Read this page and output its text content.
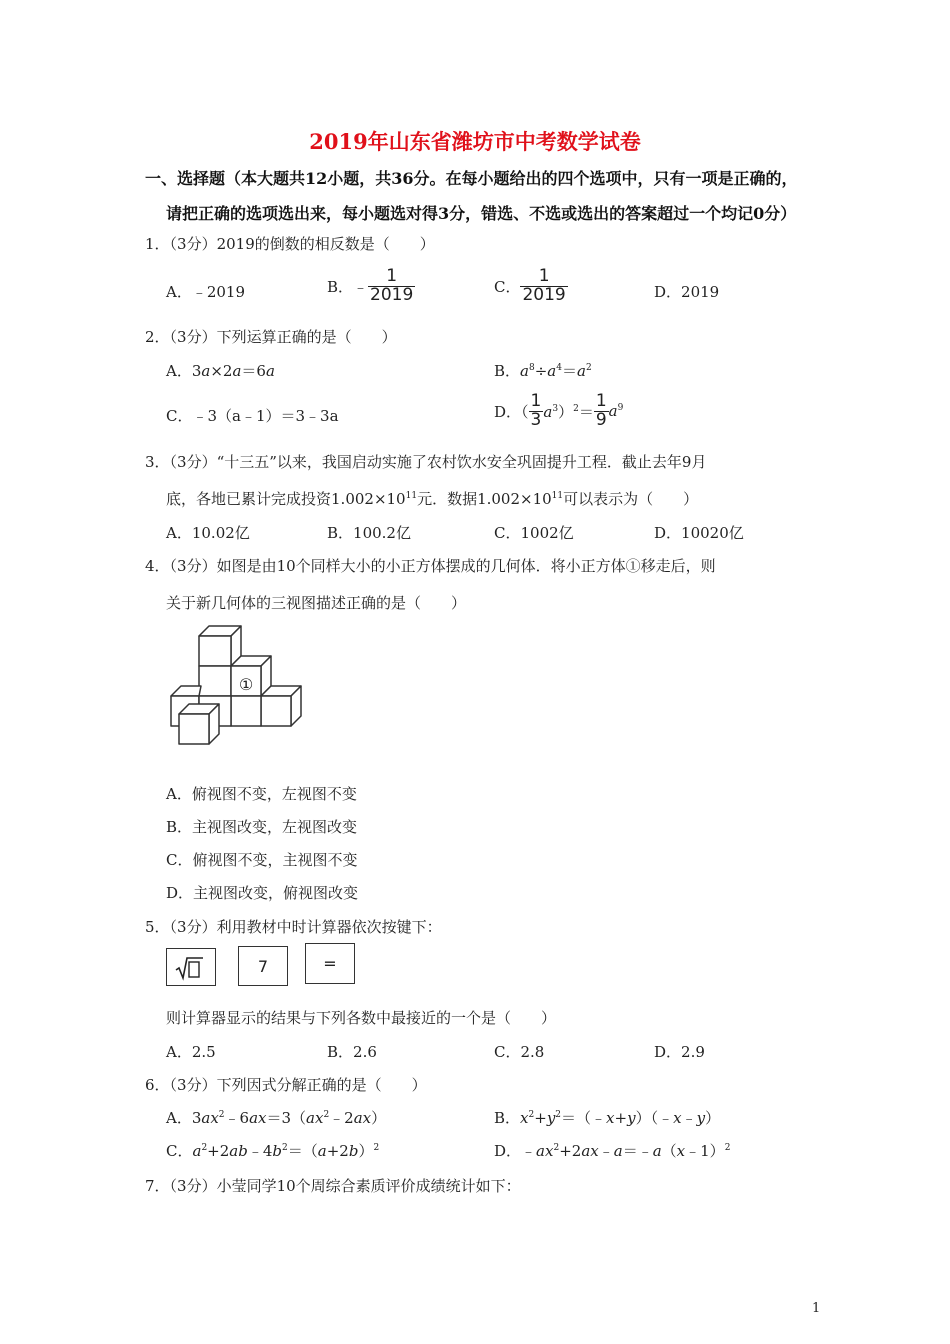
2019年山东省潍坊市中考数学试卷
一、选择题（本大题共12小题，共36分。在每小题给出的四个选项中，只有一项是正确的，
请把正确的选项选出来，每小题选对得3分，错选、不选或选出的答案超过一个均记0分）
1．（3分）2019的倒数的相反数是（　　）
A．﹣2019	B．﹣ $\frac{1}{2019}$	C． $\frac{1}{2019}$	D．2019
2．（3分）下列运算正确的是（　　）
A．3a×2a＝6a	B．$a^8\div a^4=a^2$
C．﹣3（a﹣1）＝3﹣3a	D．（ $\frac{1}{3} a^3)^2= \frac{1}{9} a^9$
3．（3分）“十三五”以来，我国启动实施了农村饮水安全巩固提升工程．截止去年9月
底，各地已累计完成投资$1.002\times 10^{11}$元．数据$1.002\times 10^{11}$可以表示为（　　）
A．10.02亿	B．100.2亿	C．1002亿	D．10020亿
4．（3分）如图是由10个同样大小的小正方体摆成的几何体．将小正方体①移走后，则
关于新几何体的三视图描述正确的是（　　）
①
A．俯视图不变，左视图不变
B．主视图改变，左视图改变
C．俯视图不变，主视图不变
D．主视图改变，俯视图改变
5．（3分）利用教材中时计算器依次按键下：
7	=
则计算器显示的结果与下列各数中最接近的一个是（　　）
A．2.5	B．2.6	C．2.8	D．2.9
6．（3分）下列因式分解正确的是（　　）
A．$3ax^2﹣6ax=3(ax^2﹣2ax)$	B．$x^2+y^2=(﹣x+y)(﹣x﹣y)$
C．$a^2+2ab﹣4b^2=(a+2b)^2$	D．$﹣ax^2+2ax﹣a=﹣a(x﹣1)^2$
7．（3分）小莹同学10个周综合素质评价成绩统计如下：
1
